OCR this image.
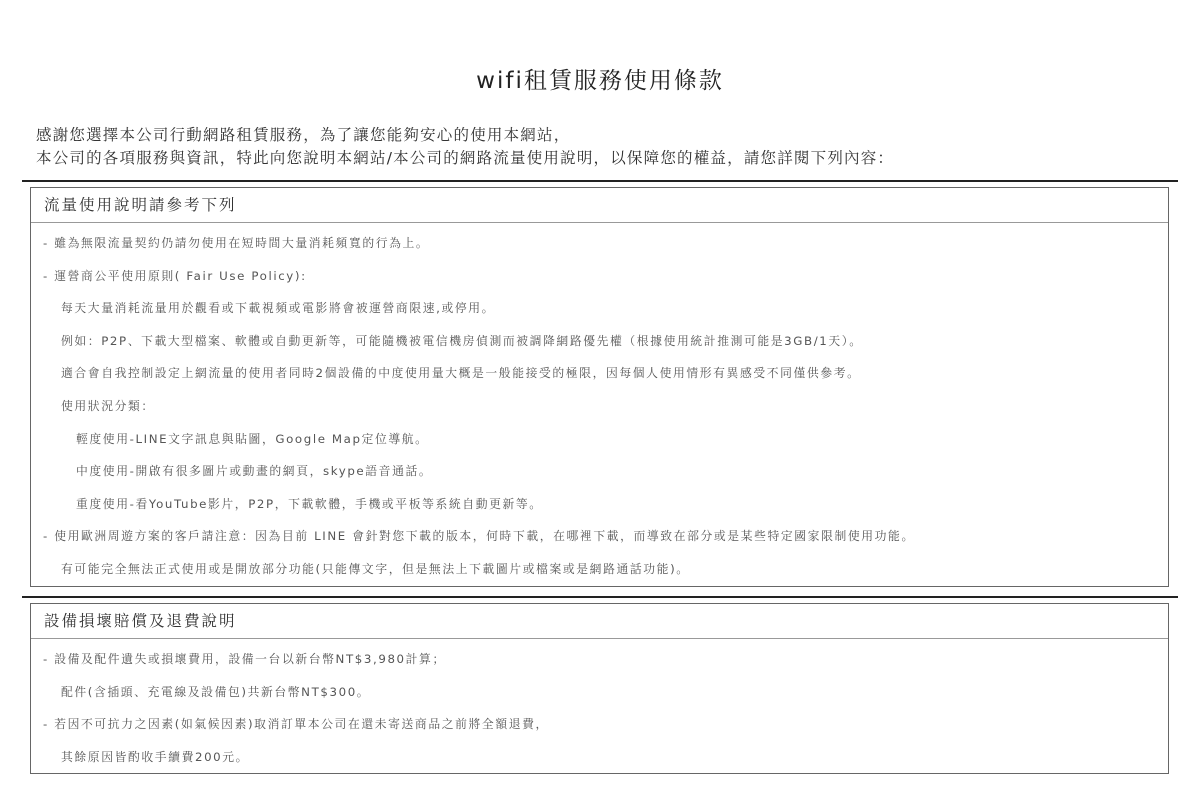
wifi租賃服務使用條款
感謝您選擇本公司行動網路租賃服務，為了讓您能夠安心的使用本網站，
本公司的各項服務與資訊，特此向您說明本網站/本公司的網路流量使用說明，以保障您的權益，請您詳閱下列內容：
流量使用說明請參考下列
- 雖為無限流量契約仍請勿使用在短時間大量消耗頻寬的行為上。
- 運營商公平使用原則( Fair Use Policy):
每天大量消耗流量用於觀看或下載視頻或電影將會被運營商限速,或停用。
例如：P2P、下載大型檔案、軟體或自動更新等，可能隨機被電信機房偵測而被調降網路優先權（根據使用統計推測可能是3GB/1天）。
適合會自我控制設定上網流量的使用者同時2個設備的中度使用量大概是一般能接受的極限，因每個人使用情形有異感受不同僅供參考。
使用狀況分類：
輕度使用-LINE文字訊息與貼圖，Google Map定位導航。
中度使用-開啟有很多圖片或動畫的網頁，skype語音通話。
重度使用-看YouTube影片，P2P，下載軟體，手機或平板等系統自動更新等。
- 使用歐洲周遊方案的客戶請注意：因為目前 LINE 會針對您下載的版本，何時下載，在哪裡下載，而導致在部分或是某些特定國家限制使用功能。
有可能完全無法正式使用或是開放部分功能(只能傳文字，但是無法上下載圖片或檔案或是網路通話功能)。
設備損壞賠償及退費說明
- 設備及配件遺失或損壞費用，設備一台以新台幣NT$3,980計算；
配件(含插頭、充電線及設備包)共新台幣NT$300。
- 若因不可抗力之因素(如氣候因素)取消訂單本公司在還未寄送商品之前將全額退費，
其餘原因皆酌收手續費200元。
